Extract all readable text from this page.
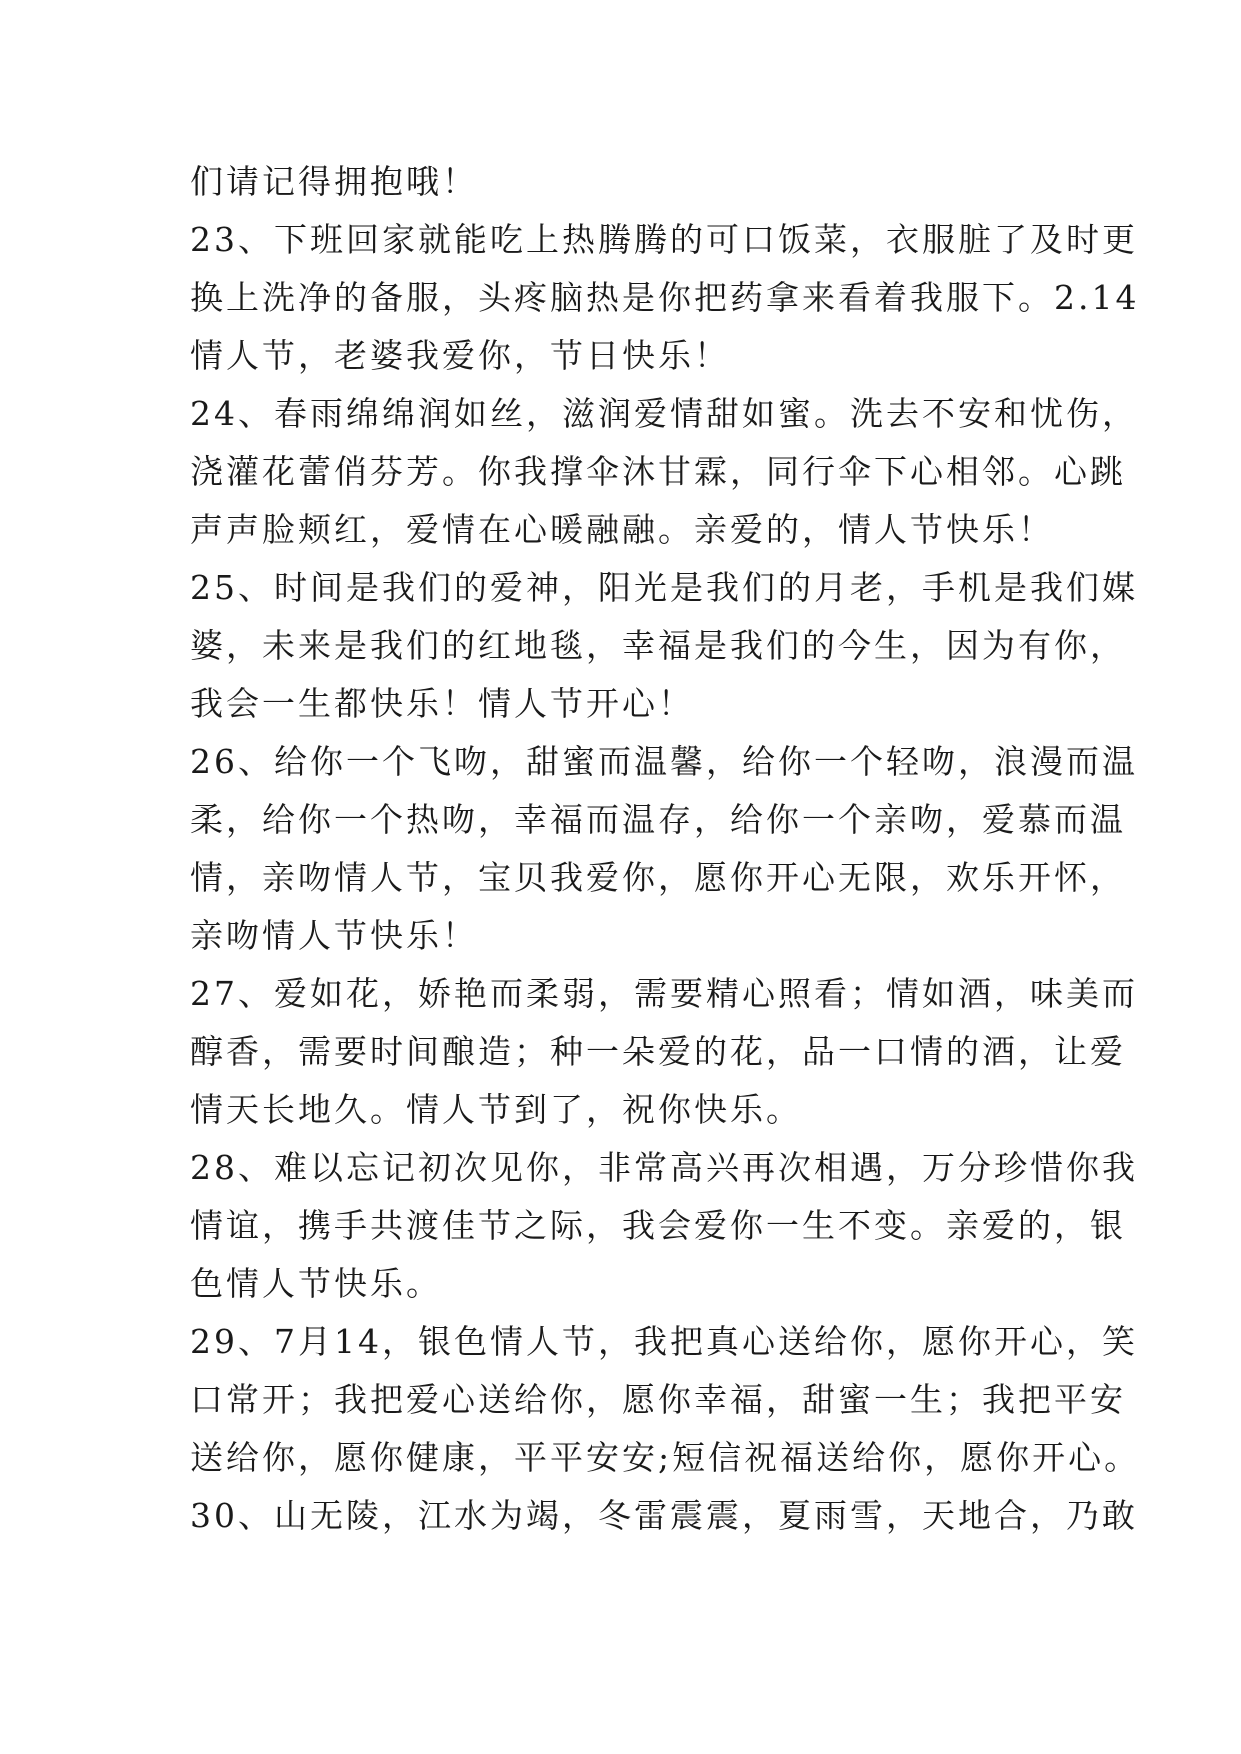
们请记得拥抱哦！
2 3 、 下 班 回 家 就 能 吃 上 热 腾 腾 的 可 口 饭 菜 ， 衣 服 脏 了 及 时 更
换 上 洗 净 的 备 服 ， 头 疼 脑 热 是 你 把 药 拿 来 看 着 我 服 下 。 2 . 1 4
情人节，老婆我爱你，节日快乐！
2 4 、 春 雨 绵 绵 润 如 丝 ， 滋 润 爱 情 甜 如 蜜 。 洗 去 不 安 和 忧 伤 ，
浇 灌 花 蕾 俏 芬 芳 。 你 我 撑 伞 沐 甘 霖 ， 同 行 伞 下 心 相 邻 。 心 跳
声声脸颊红，爱情在心暖融融。亲爱的，情人节快乐！
2 5 、 时 间 是 我 们 的 爱 神 ， 阳 光 是 我 们 的 月 老 ， 手 机 是 我 们 媒
婆 ， 未 来 是 我 们 的 红 地 毯 ， 幸 福 是 我 们 的 今 生 ， 因 为 有 你 ，
我会一生都快乐！情人节开心！
2 6 、 给 你 一 个 飞 吻 ， 甜 蜜 而 温 馨 ， 给 你 一 个 轻 吻 ， 浪 漫 而 温
柔 ， 给 你 一 个 热 吻 ， 幸 福 而 温 存 ， 给 你 一 个 亲 吻 ， 爱 慕 而 温
情 ， 亲 吻 情 人 节 ， 宝 贝 我 爱 你 ， 愿 你 开 心 无 限 ， 欢 乐 开 怀 ，
亲吻情人节快乐！
2 7 、 爱 如 花 ， 娇 艳 而 柔 弱 ， 需 要 精 心 照 看 ； 情 如 酒 ， 味 美 而
醇 香 ， 需 要 时 间 酿 造 ； 种 一 朵 爱 的 花 ， 品 一 口 情 的 酒 ， 让 爱
情天长地久。情人节到了，祝你快乐。
2 8 、 难 以 忘 记 初 次 见 你 ， 非 常 高 兴 再 次 相 遇 ， 万 分 珍 惜 你 我
情 谊 ， 携 手 共 渡 佳 节 之 际 ， 我 会 爱 你 一 生 不 变 。 亲 爱 的 ， 银
色情人节快乐。
2 9 、 7 月 1 4 ， 银 色 情 人 节 ， 我 把 真 心 送 给 你 ， 愿 你 开 心 ， 笑
口 常 开 ； 我 把 爱 心 送 给 你 ， 愿 你 幸 福 ， 甜 蜜 一 生 ； 我 把 平 安
送 给 你 ， 愿 你 健 康 ， 平 平 安 安 ; 短 信 祝 福 送 给 你 ， 愿 你 开 心 。
3 0 、 山 无 陵 ， 江 水 为 竭 ， 冬 雷 震 震 ， 夏 雨 雪 ， 天 地 合 ， 乃 敢
